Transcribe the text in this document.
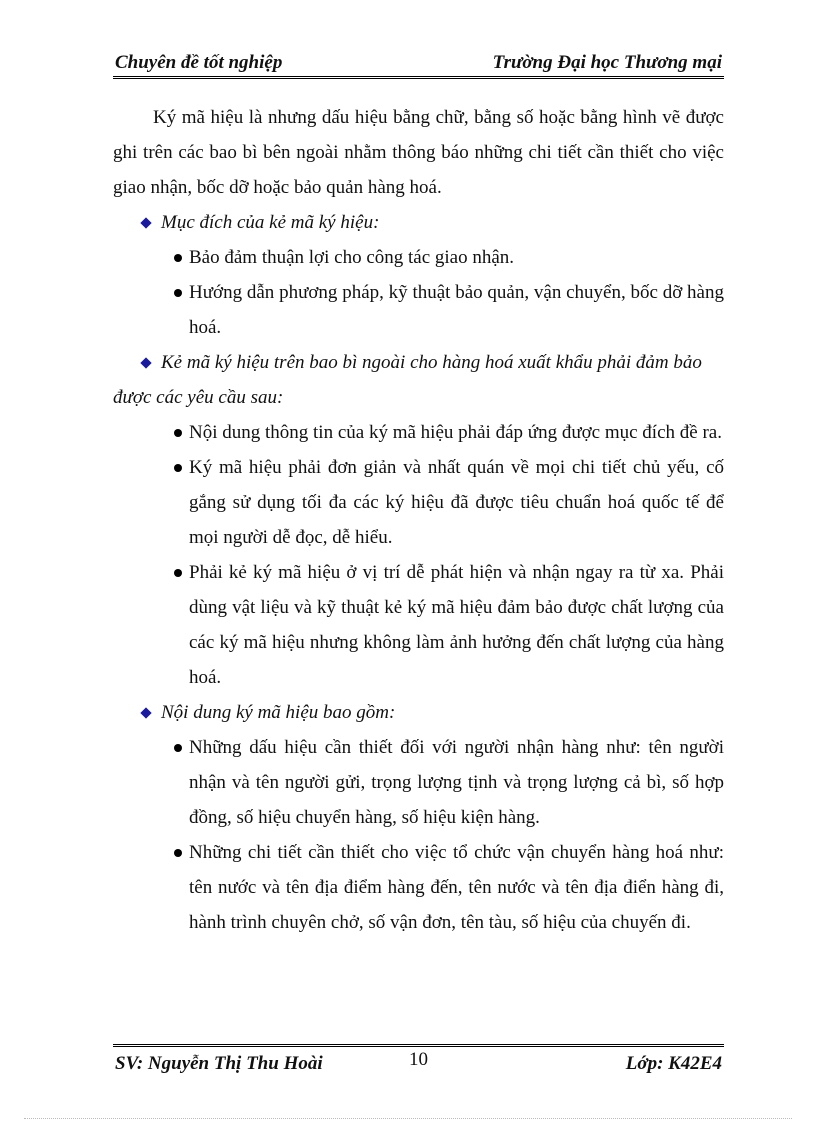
Chuyên đề tốt nghiệp	Trường Đại học Thương mại

Ký mã hiệu là nhưng dấu hiệu bằng chữ, bằng số hoặc bằng hình vẽ được ghi trên các bao bì bên ngoài nhằm thông báo những chi tiết cần thiết cho việc giao nhận, bốc dỡ hoặc bảo quản hàng hoá.

Mục đích của kẻ mã ký hiệu:

Bảo đảm thuận lợi cho công tác giao nhận.
Hướng dẫn phương pháp, kỹ thuật bảo quản, vận chuyển, bốc dỡ hàng hoá.

Kẻ mã ký hiệu trên bao bì ngoài cho hàng hoá xuất khẩu phải đảm bảo được các yêu cầu sau:

Nội dung thông tin của ký mã hiệu phải đáp ứng được mục đích đề ra.
Ký mã hiệu phải đơn giản và nhất quán về mọi chi tiết chủ yếu, cố gắng sử dụng tối đa các ký hiệu đã được tiêu chuẩn hoá quốc tế để mọi người dễ đọc, dễ hiểu.
Phải kẻ ký mã hiệu ở vị trí dễ phát hiện và nhận ngay ra từ xa. Phải dùng vật liệu và kỹ thuật kẻ ký mã hiệu đảm bảo được chất lượng của các ký mã hiệu nhưng không làm ảnh hưởng đến chất lượng của hàng hoá.

Nội dung ký mã hiệu bao gồm:

Những dấu hiệu cần thiết đối với người nhận hàng như: tên người nhận và tên người gửi, trọng lượng tịnh và trọng lượng cả bì, số hợp đồng, số hiệu chuyển hàng, số hiệu kiện hàng.
Những chi tiết cần thiết cho việc tổ chức vận chuyển hàng hoá như: tên nước và tên địa điểm hàng đến, tên nước và tên địa điển hàng đi, hành trình chuyên chở, số vận đơn, tên tàu, số hiệu của chuyến đi.
SV: Nguyễn Thị Thu Hoài	10	Lớp: K42E4
